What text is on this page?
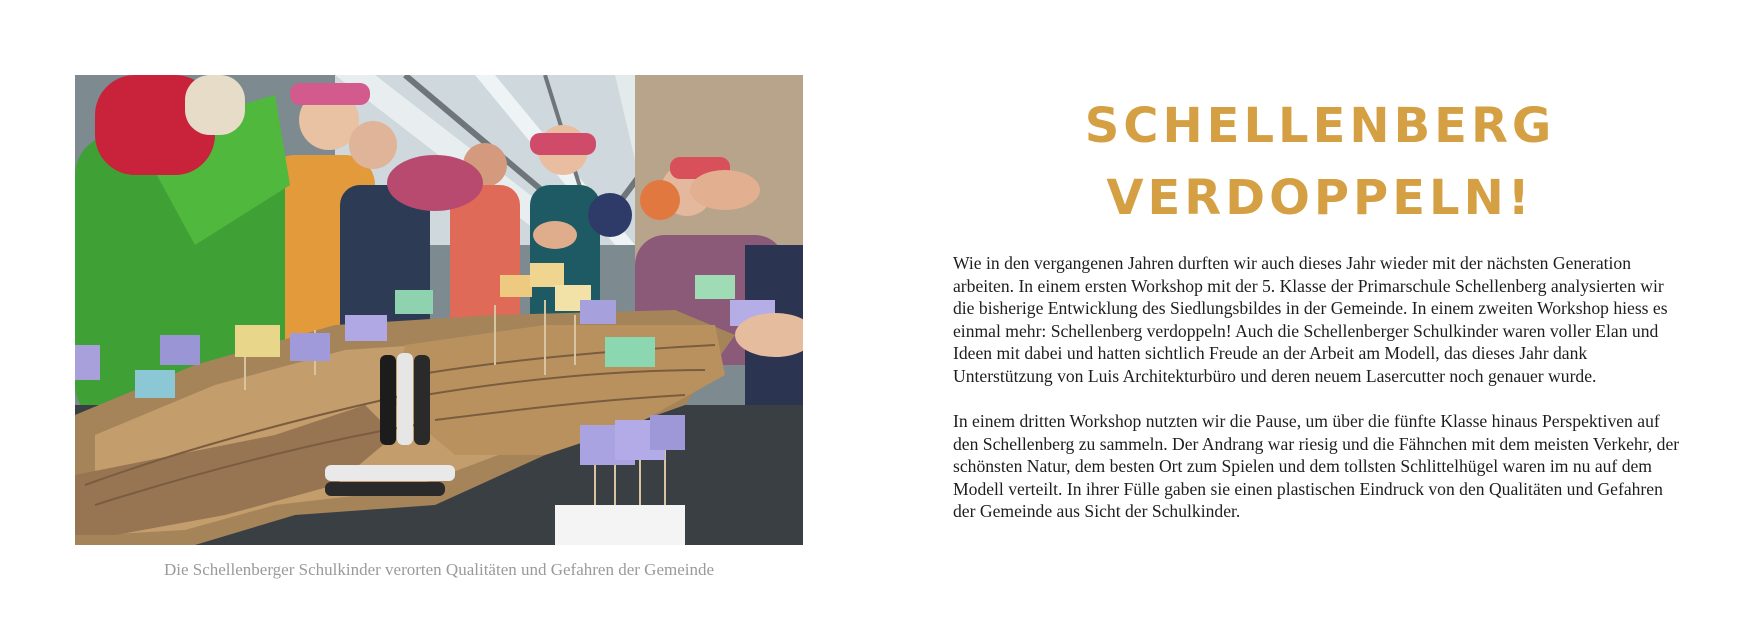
Die Schellenberger Schulkinder verorten Qualitäten und Gefahren der Gemeinde
SCHELLENBERG
VERDOPPELN!

Wie in den vergangenen Jahren durften wir auch dieses Jahr wieder mit der nächsten Generation arbeiten. In einem ersten Workshop mit der 5. Klasse der Primarschule Schellenberg analysierten wir die bisherige Entwicklung des Siedlungsbildes in der Gemeinde. In einem zweiten Workshop hiess es einmal mehr: Schellenberg verdoppeln! Auch die Schellenberger Schulkinder waren voller Elan und Ideen mit dabei und hatten sichtlich Freude an der Arbeit am Modell, das dieses Jahr dank Unterstützung von Luis Architekturbüro und deren neuem Lasercutter noch genauer wurde.

In einem dritten Workshop nutzten wir die Pause, um über die fünfte Klasse hinaus Perspektiven auf den Schellenberg zu sammeln. Der Andrang war riesig und die Fähnchen mit dem meisten Verkehr, der schönsten Natur, dem besten Ort zum Spielen und dem tollsten Schlittelhügel waren im nu auf dem Modell verteilt. In ihrer Fülle gaben sie einen plastischen Eindruck von den Qualitäten und Gefahren der Gemeinde aus Sicht der Schulkinder.
